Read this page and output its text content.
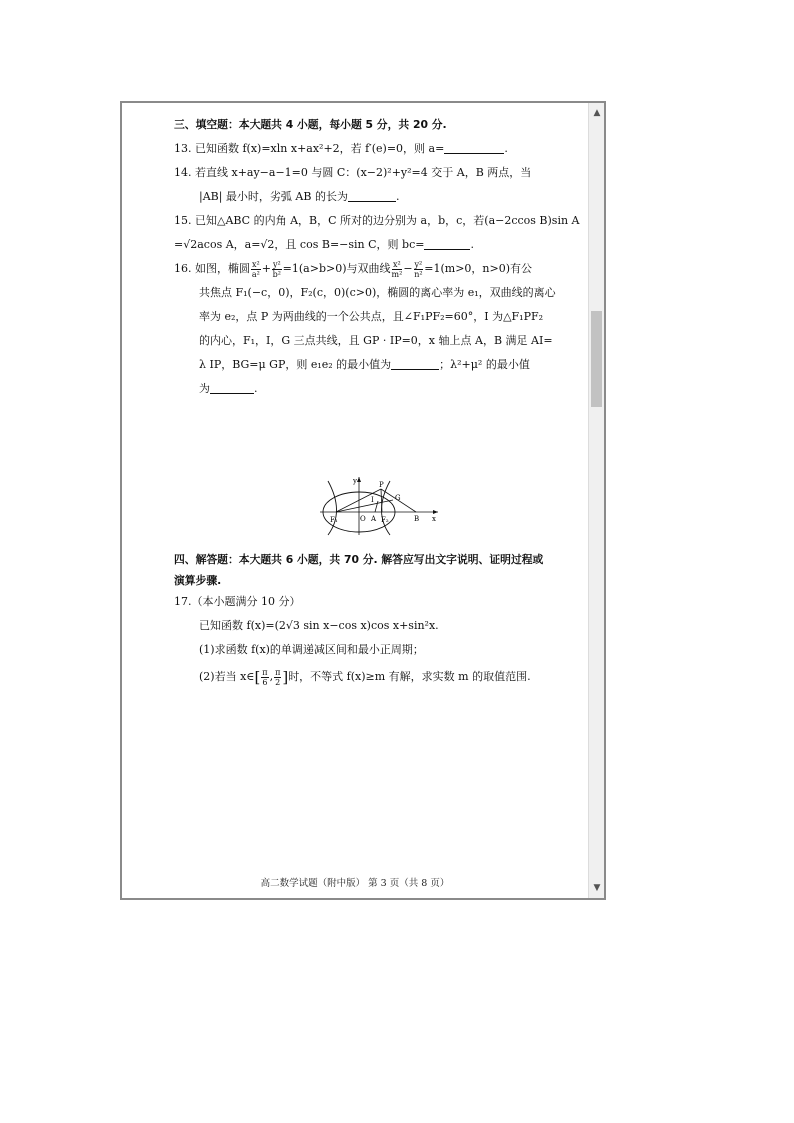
三、填空题：本大题共 4 小题，每小题 5 分，共 20 分.
13. 已知函数 f(x)=xln x+ax²+2，若 f′(e)=0，则 a=	.
14. 若直线 x+ay−a−1=0 与圆 C：(x−2)²+y²=4 交于 A，B 两点，当
|AB| 最小时，劣弧 AB 的长为	.
15. 已知△ABC 的内角 A，B，C 所对的边分别为 a，b，c，若(a−2ccos B)sin A
=√2acos A，a=√2，且 cos B=−sin C，则 bc=	.
16. 如图，椭圆 $\frac{\text{x²}}{\text{a²}} + \frac{\text{y²}}{\text{b²}} =1(a>b>0)$与双曲线 $\frac{\text{x²}}{\text{m²}} - \frac{\text{y²}}{\text{n²}} =1(m>0$，n>0)有公
共焦点 F₁(−c，0)，F₂(c，0)(c>0)，椭圆的离心率为 e₁，双曲线的离心
率为 e₂，点 P 为两曲线的一个公共点，且∠F₁PF₂=60°，I 为△F₁PF₂
的内心，F₁，I，G 三点共线，且 GP · IP=0，x 轴上点 A，B 满足 AI=
λ IP，BG=μ GP，则 e₁e₂ 的最小值为	；λ²+μ² 的最小值
为	.
y
x
P
I	G
F₁	O A F₂	B
四、解答题：本大题共 6 小题，共 70 分. 解答应写出文字说明、证明过程或
演算步骤.
17.（本小题满分 10 分）
已知函数 f(x)=(2√3 sin x−cos x)cos x+sin²x.
(1)求函数 f(x)的单调递减区间和最小正周期；
(2)若当 x∈[ $\frac{\pi}{6}$ , $\frac{\pi}{2}$ ]时，不等式 f(x)≥m 有解，求实数 m 的取值范围.
高二数学试题（附中版） 第 3 页（共 8 页）
▲
▼
